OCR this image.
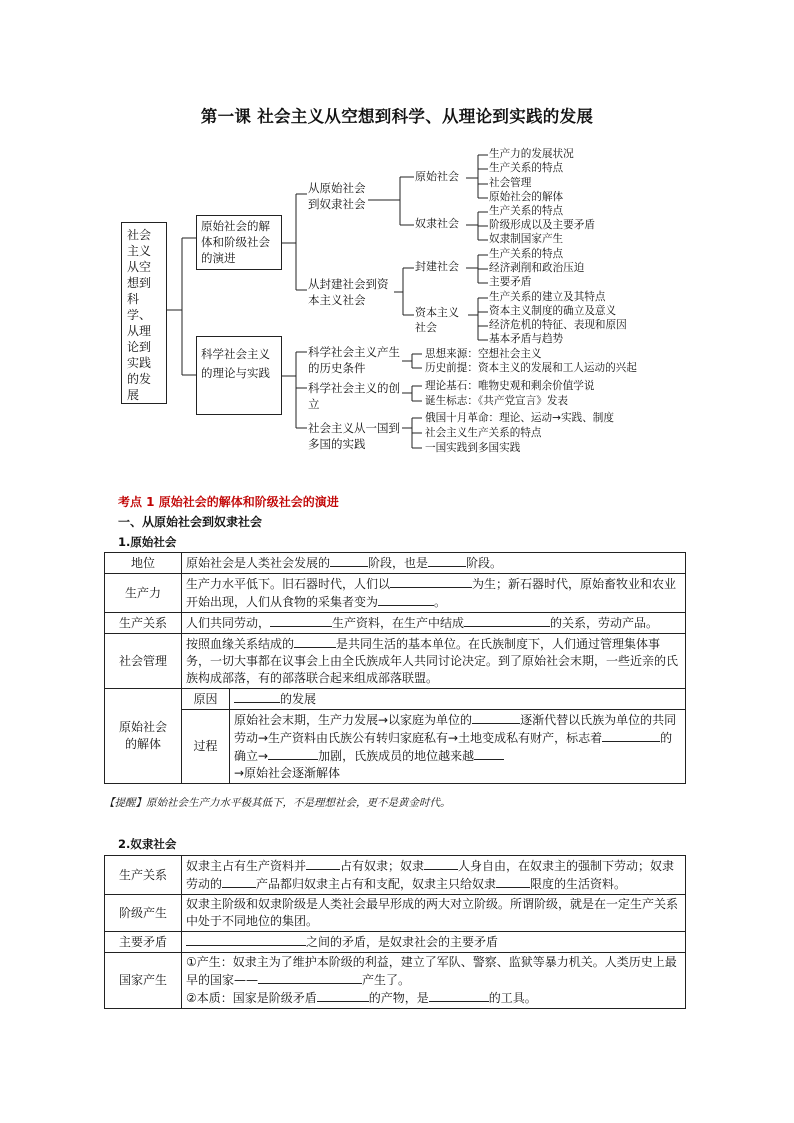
第一课 社会主义从空想到科学、从理论到实践的发展
社会主义从空想到科学、从理论到实践的发展
原始社会的解体和阶级社会的演进
科学社会主义的理论与实践
从原始社会到奴隶社会
从封建社会到资本主义社会
原始社会
奴隶社会
生产力的发展状况
生产关系的特点
社会管理
原始社会的解体
生产关系的特点
阶级形成以及主要矛盾
奴隶制国家产生
封建社会
资本主义社会
生产关系的特点
经济剥削和政治压迫
主要矛盾
生产关系的建立及其特点
资本主义制度的确立及意义
经济危机的特征、表现和原因
基本矛盾与趋势
科学社会主义产生的历史条件
科学社会主义的创立
社会主义从一国到多国的实践
思想来源：空想社会主义
历史前提：资本主义的发展和工人运动的兴起
理论基石：唯物史观和剩余价值学说
诞生标志：《共产党宣言》发表
俄国十月革命：理论、运动→实践、制度
社会主义生产关系的特点
一国实践到多国实践
考点 1 原始社会的解体和阶级社会的演进
一、从原始社会到奴隶社会
1.原始社会
地位	原始社会是人类社会发展的 阶段，也是 阶段。	
生产力	生产力水平低下。旧石器时代，人们以 为生；新石器时代，原始畜牧业和农业开始出现，人们从食物的采集者变为 。	
生产关系	人们共同劳动， 生产资料，在生产中结成 的关系，劳动产品。	
社会管理	按照血缘关系结成的 是共同生活的基本单位。在氏族制度下，人们通过管理集体事务，一切大事都在议事会上由全氏族成年人共同讨论决定。到了原始社会末期，一些近亲的氏族构成部落，有的部落联合起来组成部落联盟。	
原始社会的解体	原因	的发展
	过程	原始社会末期，生产力发展→以家庭为单位的 逐渐代替以氏族为单位的共同劳动→生产资料由氏族公有转归家庭私有→土地变成私有财产，标志着 的确立→ 加剧，氏族成员的地位越来越
→原始社会逐渐解体
【提醒】原始社会生产力水平极其低下，不是理想社会，更不是黄金时代。
2.奴隶社会
生产关系	奴隶主占有生产资料并 占有奴隶；奴隶 人身自由，在奴隶主的强制下劳动；奴隶劳动的 产品都归奴隶主占有和支配，奴隶主只给奴隶 限度的生活资料。
阶级产生	奴隶主阶级和奴隶阶级是人类社会最早形成的两大对立阶级。所谓阶级，就是在一定生产关系中处于不同地位的集团。
主要矛盾	之间的矛盾，是奴隶社会的主要矛盾
国家产生	①产生：奴隶主为了维护本阶级的利益，建立了军队、警察、监狱等暴力机关。人类历史上最早的国家—— 产生了。
②本质：国家是阶级矛盾 的产物，是 的工具。
